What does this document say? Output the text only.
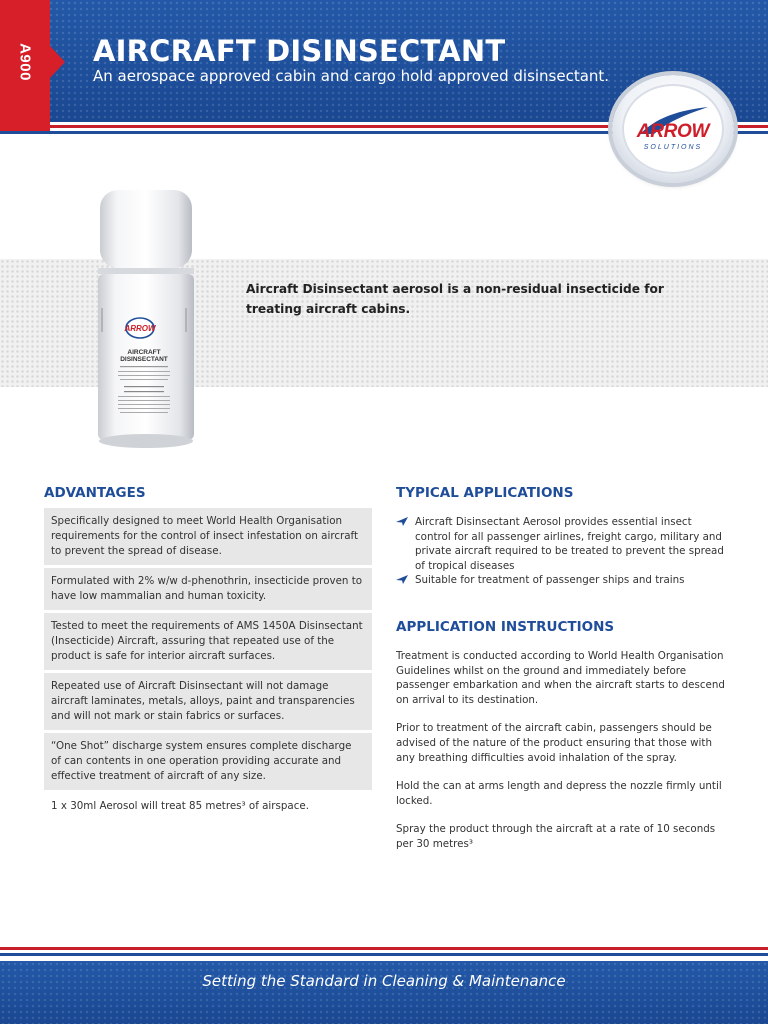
AIRCRAFT DISINSECTANT
An aerospace approved cabin and cargo hold approved disinsectant.
A900
ARROW
SOLUTIONS
Aircraft Disinsectant aerosol is a non-residual insecticide for treating aircraft cabins.
ARROW
AIRCRAFT
DISINSECTANT
ADVANTAGES
Specifically designed to meet World Health Organisation requirements for the control of insect infestation on aircraft to prevent the spread of disease.
Formulated with 2% w/w d-phenothrin, insecticide proven to have low mammalian and human toxicity.
Tested to meet the requirements of AMS 1450A Disinsectant (Insecticide) Aircraft, assuring that repeated use of the product is safe for interior aircraft surfaces.
Repeated use of Aircraft Disinsectant will not damage aircraft laminates, metals, alloys, paint and transparencies and will not mark or stain fabrics or surfaces.
“One Shot” discharge system ensures complete discharge of can contents in one operation providing accurate and effective treatment of aircraft of any size.
1 x 30ml Aerosol will treat 85 metres³ of airspace.
TYPICAL APPLICATIONS
Aircraft Disinsectant Aerosol provides essential insect control for all passenger airlines, freight cargo, military and private aircraft required to be treated to prevent the spread of tropical diseases
Suitable for treatment of passenger ships and trains
APPLICATION INSTRUCTIONS

Treatment is conducted according to World Health Organisation Guidelines whilst on the ground and immediately before passenger embarkation and when the aircraft starts to descend on arrival to its destination.

Prior to treatment of the aircraft cabin, passengers should be advised of the nature of the product ensuring that those with any breathing difficulties avoid inhalation of the spray.

Hold the can at arms length and depress the nozzle firmly until locked.

Spray the product through the aircraft at a rate of 10 seconds per 30 metres³

Setting the Standard in Cleaning & Maintenance
